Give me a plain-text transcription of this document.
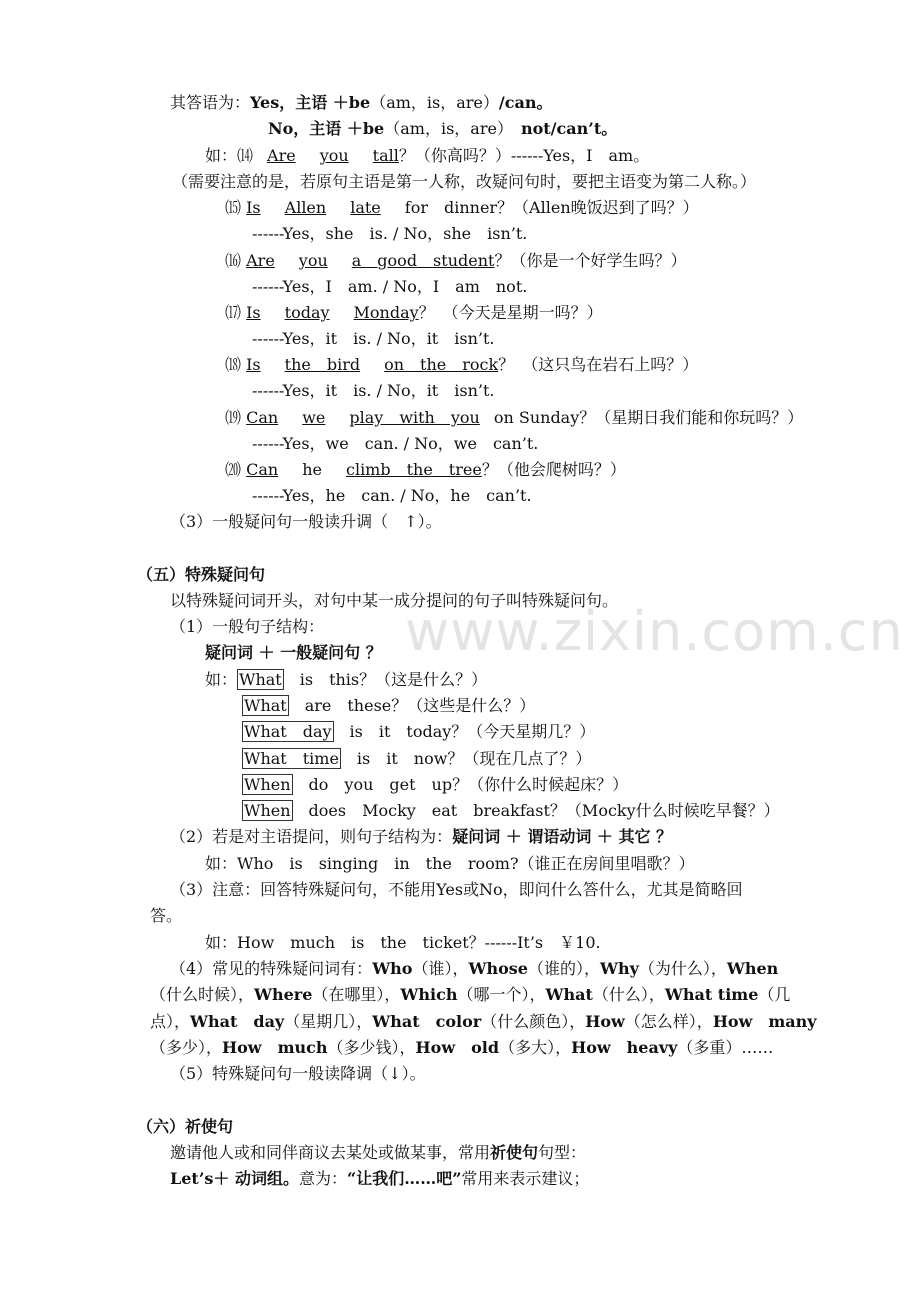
www.zixin.com.cn
其答语为：Yes，主语 ＋be（am，is，are）/can。
No，主语 ＋be（am，is，are）　 not/can’t。
如：⒁ Are you tall？（你高吗？）------Yes，I　am。
（需要注意的是，若原句主语是第一人称，改疑问句时，要把主语变为第二人称。）
⒂ Is Allen late for　dinner？（Allen晚饭迟到了吗？）
------Yes，she　is. / No，she　isn’t.
⒃ Are you a　good　student？（你是一个好学生吗？）
------Yes，I　am. / No，I　am　not.
⒄ Is today Monday？　（今天是星期一吗？）
------Yes，it　is. / No，it　isn’t.
⒅ Is the　bird on　the　rock？　（这只鸟在岩石上吗？）
------Yes，it　is. / No，it　isn’t.
⒆ Can we play　with　you on Sunday？（星期日我们能和你玩吗？）
------Yes，we　can. / No，we　can’t.
⒇ Can he climb　the　tree？（他会爬树吗？）
------Yes，he　can. / No，he　can’t.
（3）一般疑问句一般读升调（　↑）。
（五）特殊疑问句
以特殊疑问词开头，对句中某一成分提问的句子叫特殊疑问句。
（1）一般句子结构：
疑问词 ＋ 一般疑问句 ？
如： What　is　this？（这是什么？）
What　are　these？（这些是什么？）
What　day　is　it　today？（今天星期几？）
What　time　is　it　now？（现在几点了？）
When　do　you　get　up？（你什么时候起床？）
When　does　Mocky　eat　breakfast？（Mocky什么时候吃早餐？）
（2）若是对主语提问，则句子结构为：疑问词 ＋ 谓语动词 ＋ 其它 ？
如：Who　is　singing　in　the　room?（谁正在房间里唱歌？）
（3）注意：回答特殊疑问句，不能用Yes或No，即问什么答什么，尤其是简略回
答。
如：How　much　is　the　ticket？------It’s　￥10.
（4）常见的特殊疑问词有：Who（谁），Whose（谁的），Why（为什么），When
（什么时候），Where（在哪里），Which（哪一个），What（什么），What time（几
点），What　day（星期几），What　color（什么颜色），How（怎么样），How　many
（多少），How　much（多少钱），How　old（多大），How　heavy（多重）……
（5）特殊疑问句一般读降调（↓）。
（六）祈使句
邀请他人或和同伴商议去某处或做某事，常用祈使句句型：
Let’s＋ 动词组。意为：“让我们……吧”常用来表示建议；
